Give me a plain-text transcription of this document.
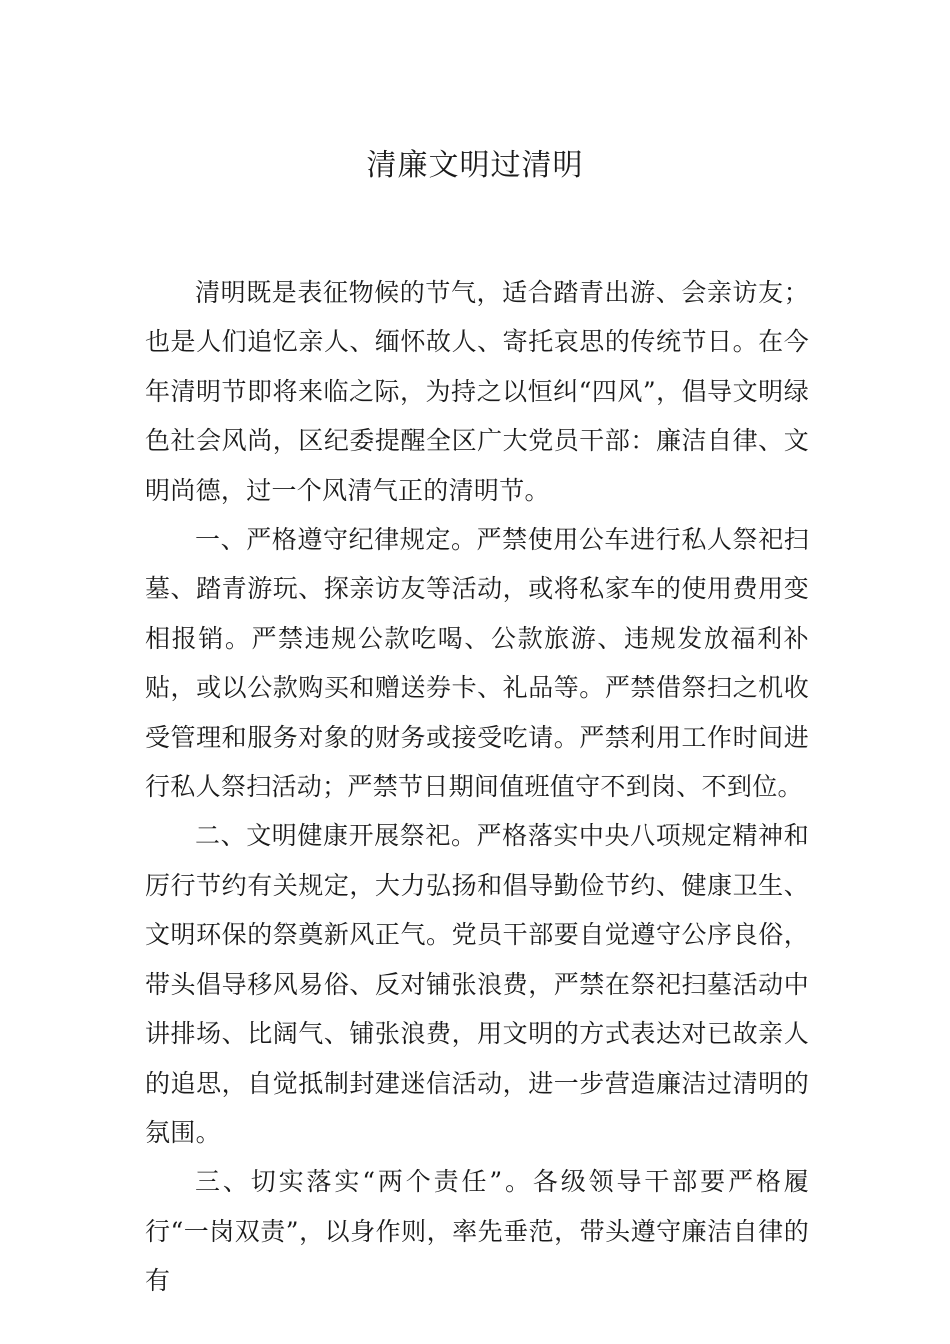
清廉文明过清明

清明既是表征物候的节气，适合踏青出游、会亲访友；也是人们追忆亲人、缅怀故人、寄托哀思的传统节日。在今年清明节即将来临之际，为持之以恒纠“四风”，倡导文明绿色社会风尚，区纪委提醒全区广大党员干部：廉洁自律、文明尚德，过一个风清气正的清明节。

一、严格遵守纪律规定。严禁使用公车进行私人祭祀扫墓、踏青游玩、探亲访友等活动，或将私家车的使用费用变相报销。严禁违规公款吃喝、公款旅游、违规发放福利补贴，或以公款购买和赠送券卡、礼品等。严禁借祭扫之机收受管理和服务对象的财务或接受吃请。严禁利用工作时间进行私人祭扫活动；严禁节日期间值班值守不到岗、不到位。

二、文明健康开展祭祀。严格落实中央八项规定精神和厉行节约有关规定，大力弘扬和倡导勤俭节约、健康卫生、文明环保的祭奠新风正气。党员干部要自觉遵守公序良俗，带头倡导移风易俗、反对铺张浪费，严禁在祭祀扫墓活动中讲排场、比阔气、铺张浪费，用文明的方式表达对已故亲人的追思，自觉抵制封建迷信活动，进一步营造廉洁过清明的氛围。

三、切实落实“两个责任”。各级领导干部要严格履行“一岗双责”，以身作则，率先垂范，带头遵守廉洁自律的有
